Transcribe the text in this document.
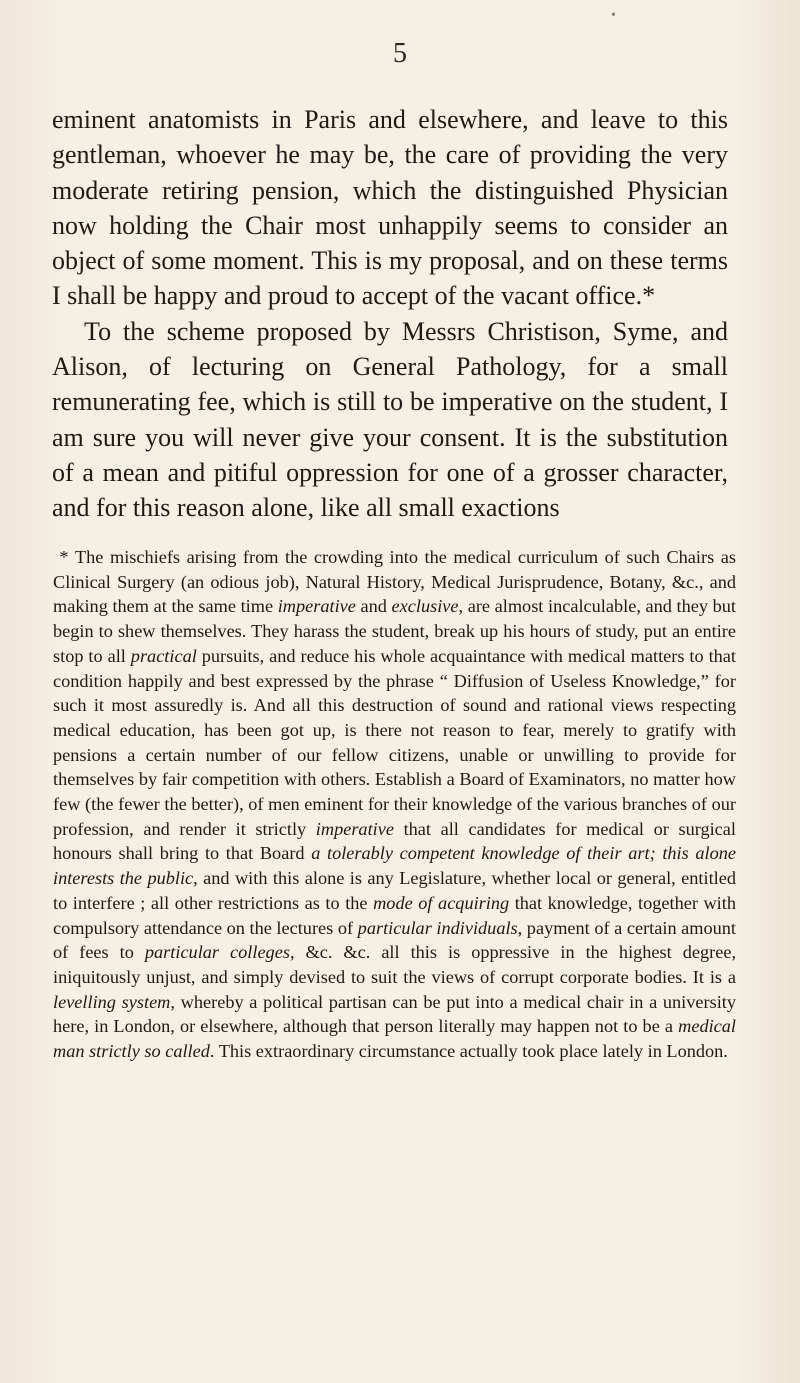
•
5

eminent anatomists in Paris and elsewhere, and leave to this gentleman, whoever he may be, the care of providing the very moderate retiring pension, which the distinguished Physician now holding the Chair most unhappily seems to consider an object of some moment. This is my proposal, and on these terms I shall be happy and proud to accept of the vacant office.*

To the scheme proposed by Messrs Christison, Syme, and Alison, of lecturing on General Pathology, for a small remunerating fee, which is still to be imperative on the student, I am sure you will never give your consent. It is the substitution of a mean and pitiful oppression for one of a grosser character, and for this reason alone, like all small exactions

* The mischiefs arising from the crowding into the medical curriculum of such Chairs as Clinical Surgery (an odious job), Natural History, Medical Jurisprudence, Botany, &c., and making them at the same time imperative and exclusive, are almost incalculable, and they but begin to shew themselves. They harass the student, break up his hours of study, put an entire stop to all practical pursuits, and reduce his whole acquaintance with medical matters to that condition happily and best expressed by the phrase “ Diffusion of Useless Knowledge,” for such it most assuredly is. And all this destruction of sound and rational views respecting medical education, has been got up, is there not reason to fear, merely to gratify with pensions a certain number of our fellow citizens, unable or unwilling to provide for themselves by fair competition with others. Establish a Board of Examinators, no matter how few (the fewer the better), of men eminent for their knowledge of the various branches of our profession, and render it strictly imperative that all candidates for medical or surgical honours shall bring to that Board a tolerably competent knowledge of their art; this alone interests the public, and with this alone is any Legislature, whether local or general, entitled to interfere ; all other restrictions as to the mode of acquiring that knowledge, together with compulsory attendance on the lectures of particular individuals, payment of a certain amount of fees to particular colleges, &c. &c. all this is oppressive in the highest degree, iniquitously unjust, and simply devised to suit the views of corrupt corporate bodies. It is a levelling system, whereby a political partisan can be put into a medical chair in a university here, in London, or elsewhere, although that person literally may happen not to be a medical man strictly so called. This extraordinary circumstance actually took place lately in London.
